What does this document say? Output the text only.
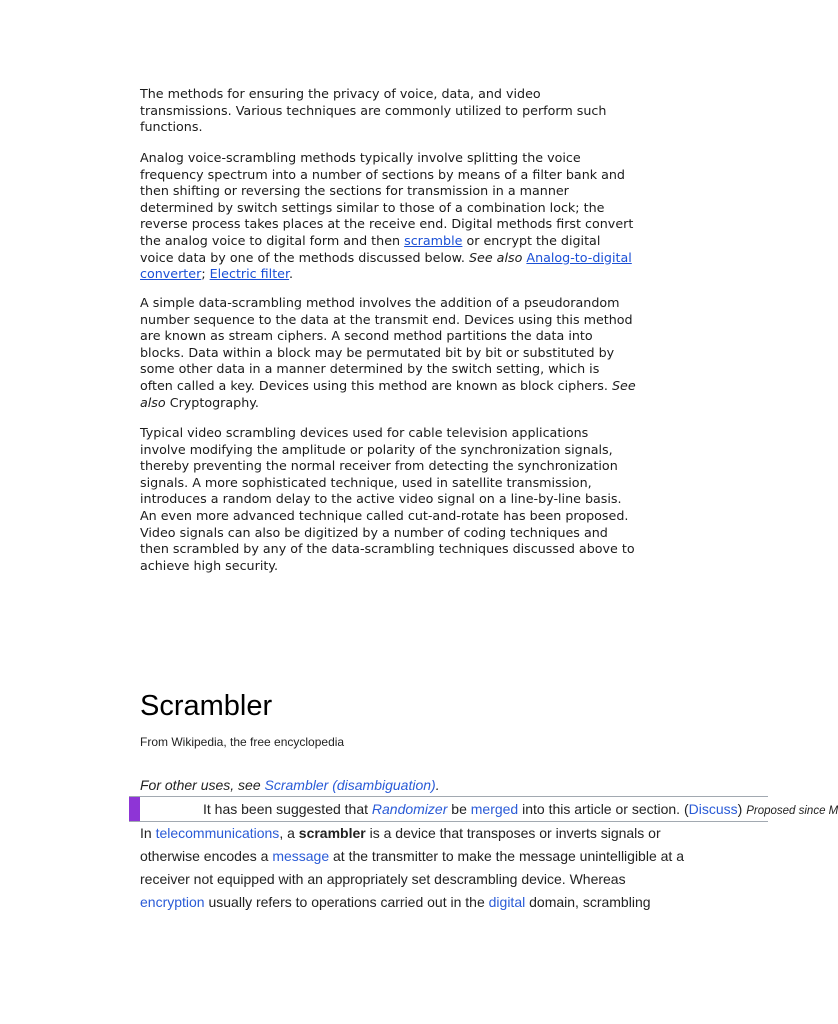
The methods for ensuring the privacy of voice, data, and video transmissions. Various techniques are commonly utilized to perform such functions.

Analog voice-scrambling methods typically involve splitting the voice frequency spectrum into a number of sections by means of a filter bank and then shifting or reversing the sections for transmission in a manner determined by switch settings similar to those of a combination lock; the reverse process takes places at the receive end. Digital methods first convert the analog voice to digital form and then scramble or encrypt the digital voice data by one of the methods discussed below. See also Analog-to-digital converter; Electric filter.

A simple data-scrambling method involves the addition of a pseudorandom number sequence to the data at the transmit end. Devices using this method are known as stream ciphers. A second method partitions the data into blocks. Data within a block may be permutated bit by bit or substituted by some other data in a manner determined by the switch setting, which is often called a key. Devices using this method are known as block ciphers. See also Cryptography.

Typical video scrambling devices used for cable television applications involve modifying the amplitude or polarity of the synchronization signals, thereby preventing the normal receiver from detecting the synchronization signals. A more sophisticated technique, used in satellite transmission, introduces a random delay to the active video signal on a line-by-line basis. An even more advanced technique called cut-and-rotate has been proposed. Video signals can also be digitized by a number of coding techniques and then scrambled by any of the data-scrambling techniques discussed above to achieve high security.

Scrambler

From Wikipedia, the free encyclopedia

For other uses, see Scrambler (disambiguation).

It has been suggested that Randomizer be merged into this article or section. (Discuss) Proposed since M
In telecommunications, a scrambler is a device that transposes or inverts signals or
otherwise encodes a message at the transmitter to make the message unintelligible at a
receiver not equipped with an appropriately set descrambling device. Whereas
encryption usually refers to operations carried out in the digital domain, scrambling
